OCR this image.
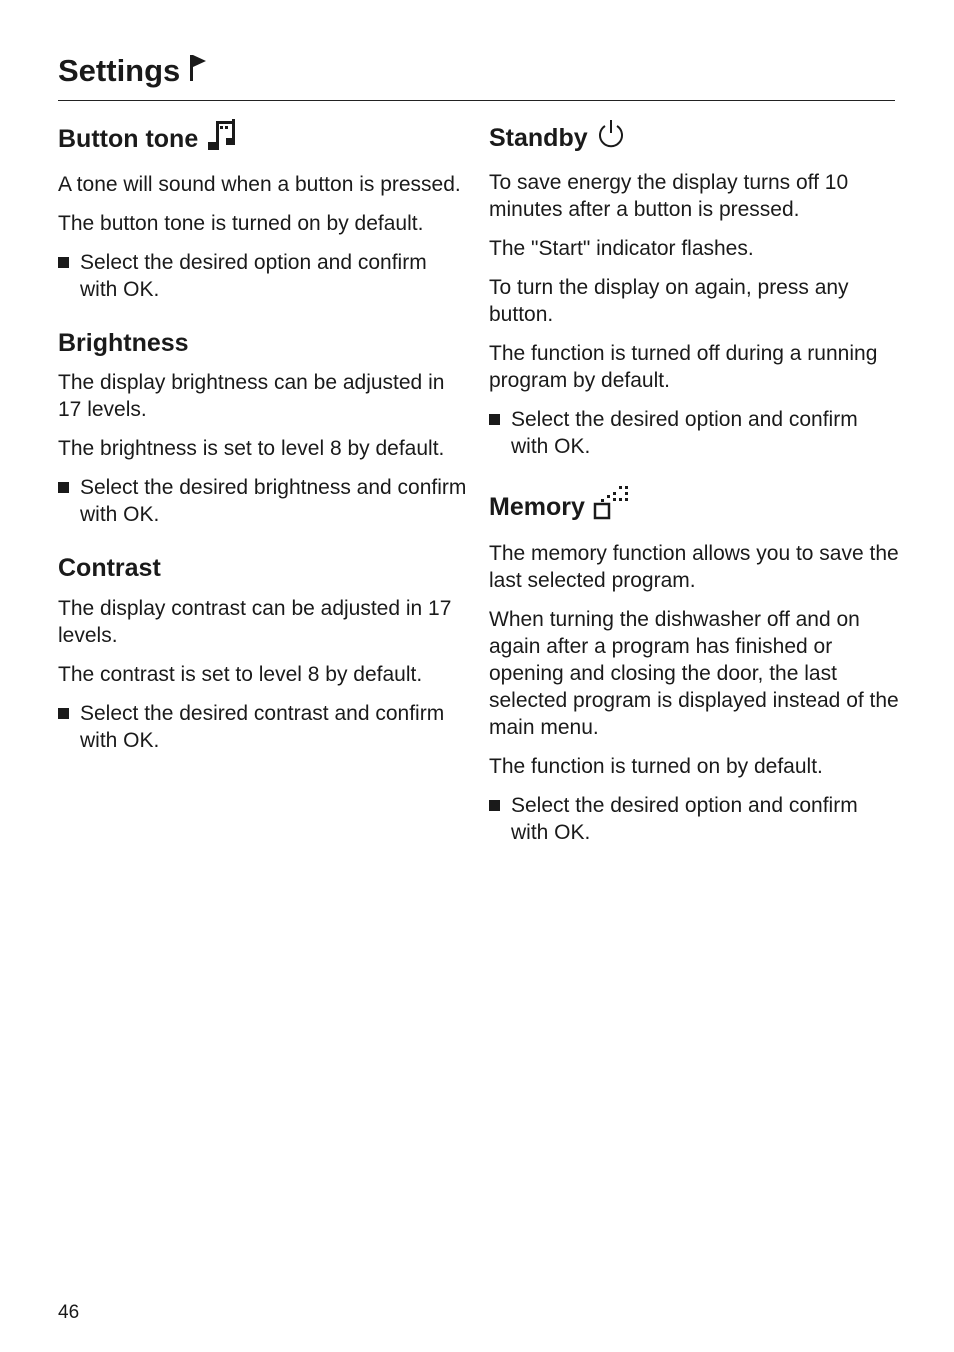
Settings
Button tone

A tone will sound when a button is pressed.

The button tone is turned on by default.

Select the desired option and confirm with OK.

Brightness

The display brightness can be adjusted in 17 levels.

The brightness is set to level 8 by default.

Select the desired brightness and confirm with OK.

Contrast

The display contrast can be adjusted in 17 levels.

The contrast is set to level 8 by default.

Select the desired contrast and confirm with OK.

Standby

To save energy the display turns off 10 minutes after a button is pressed.

The "Start" indicator flashes.

To turn the display on again, press any button.

The function is turned off during a running program by default.

Select the desired option and confirm with OK.

Memory

The memory function allows you to save the last selected program.

When turning the dishwasher off and on again after a program has finished or opening and closing the door, the last selected program is displayed instead of the main menu.

The function is turned on by default.

Select the desired option and confirm with OK.

46
